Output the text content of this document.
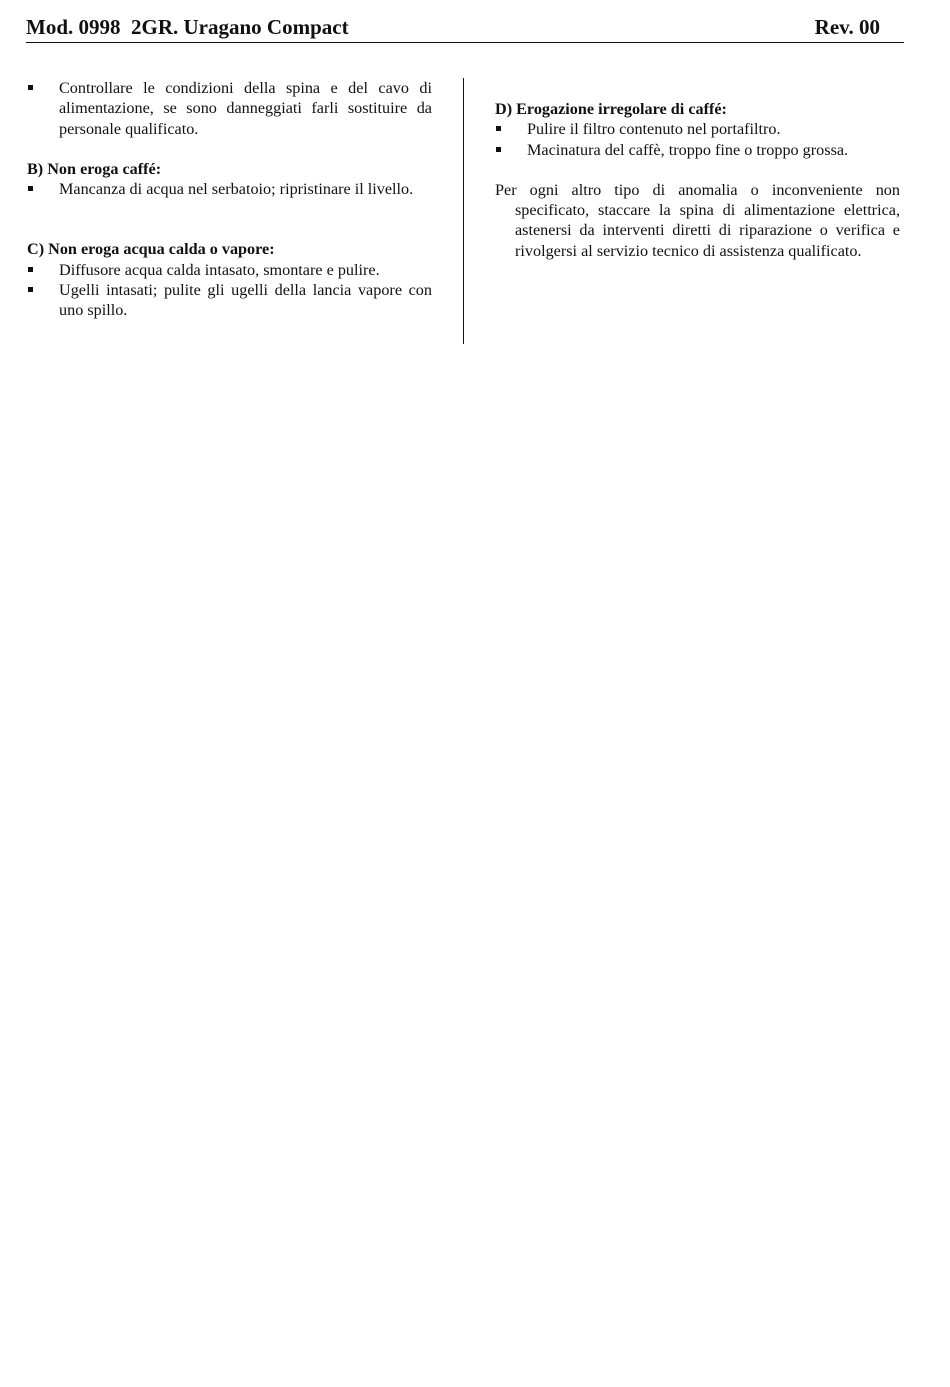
Mod. 0998  2GR. Uragano Compact	Rev. 00
Controllare le condizioni della spina e del cavo di alimentazione, se sono danneggiati farli sostituire da personale qualificato.

B) Non eroga caffé:

Mancanza di acqua nel serbatoio; ripristinare il livello.

C) Non eroga acqua calda o vapore:

Diffusore acqua calda intasato, smontare e pulire.
Ugelli intasati; pulite gli ugelli della lancia vapore con uno spillo.

D) Erogazione irregolare di caffé:

Pulire il filtro contenuto nel portafiltro.
Macinatura del caffè, troppo fine o troppo grossa.

Per ogni altro tipo di anomalia o inconveniente non specificato, staccare la spina di alimentazione elettrica, astenersi da interventi diretti di riparazione o verifica e rivolgersi al servizio tecnico di assistenza qualificato.
